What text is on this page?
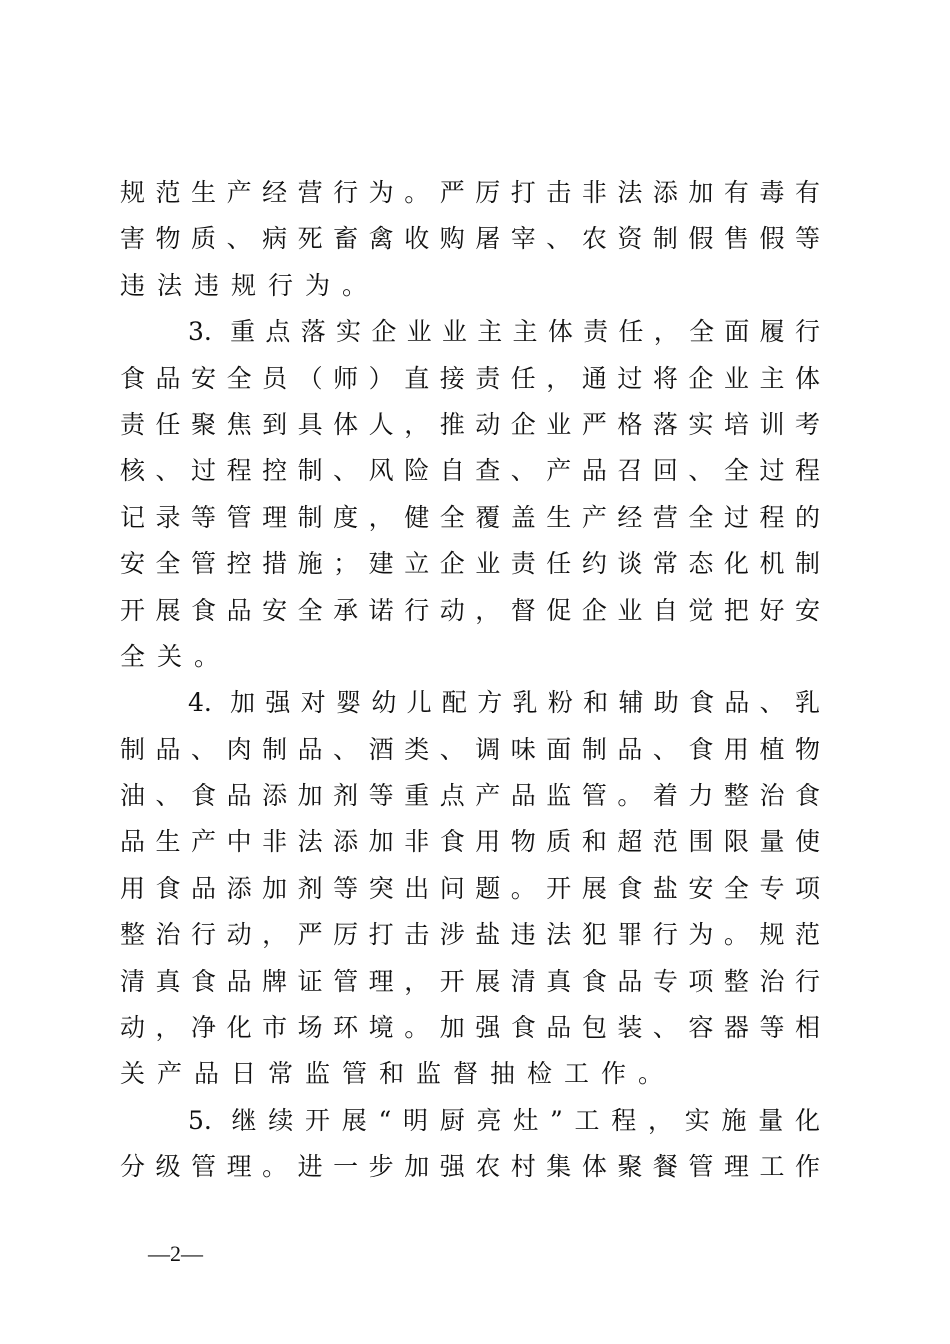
规范生产经营行为。严厉打击非法添加有毒有
害物质、病死畜禽收购屠宰、农资制假售假等
违法违规行为。
3. 重点落实企业业主主体责任，全面履行
食品安全员（师）直接责任，通过将企业主体
责任聚焦到具体人，推动企业严格落实培训考
核、过程控制、风险自查、产品召回、全过程
记录等管理制度，健全覆盖生产经营全过程的
安全管控措施；建立企业责任约谈常态化机制
开展食品安全承诺行动，督促企业自觉把好安
全关。
4. 加强对婴幼儿配方乳粉和辅助食品、乳
制品、肉制品、酒类、调味面制品、食用植物
油、食品添加剂等重点产品监管。着力整治食
品生产中非法添加非食用物质和超范围限量使
用食品添加剂等突出问题。开展食盐安全专项
整治行动，严厉打击涉盐违法犯罪行为。规范
清真食品牌证管理，开展清真食品专项整治行
动，净化市场环境。加强食品包装、容器等相
关产品日常监管和监督抽检工作。
5. 继续开展“明厨亮灶”工程，实施量化
分级管理。进一步加强农村集体聚餐管理工作
—2—
